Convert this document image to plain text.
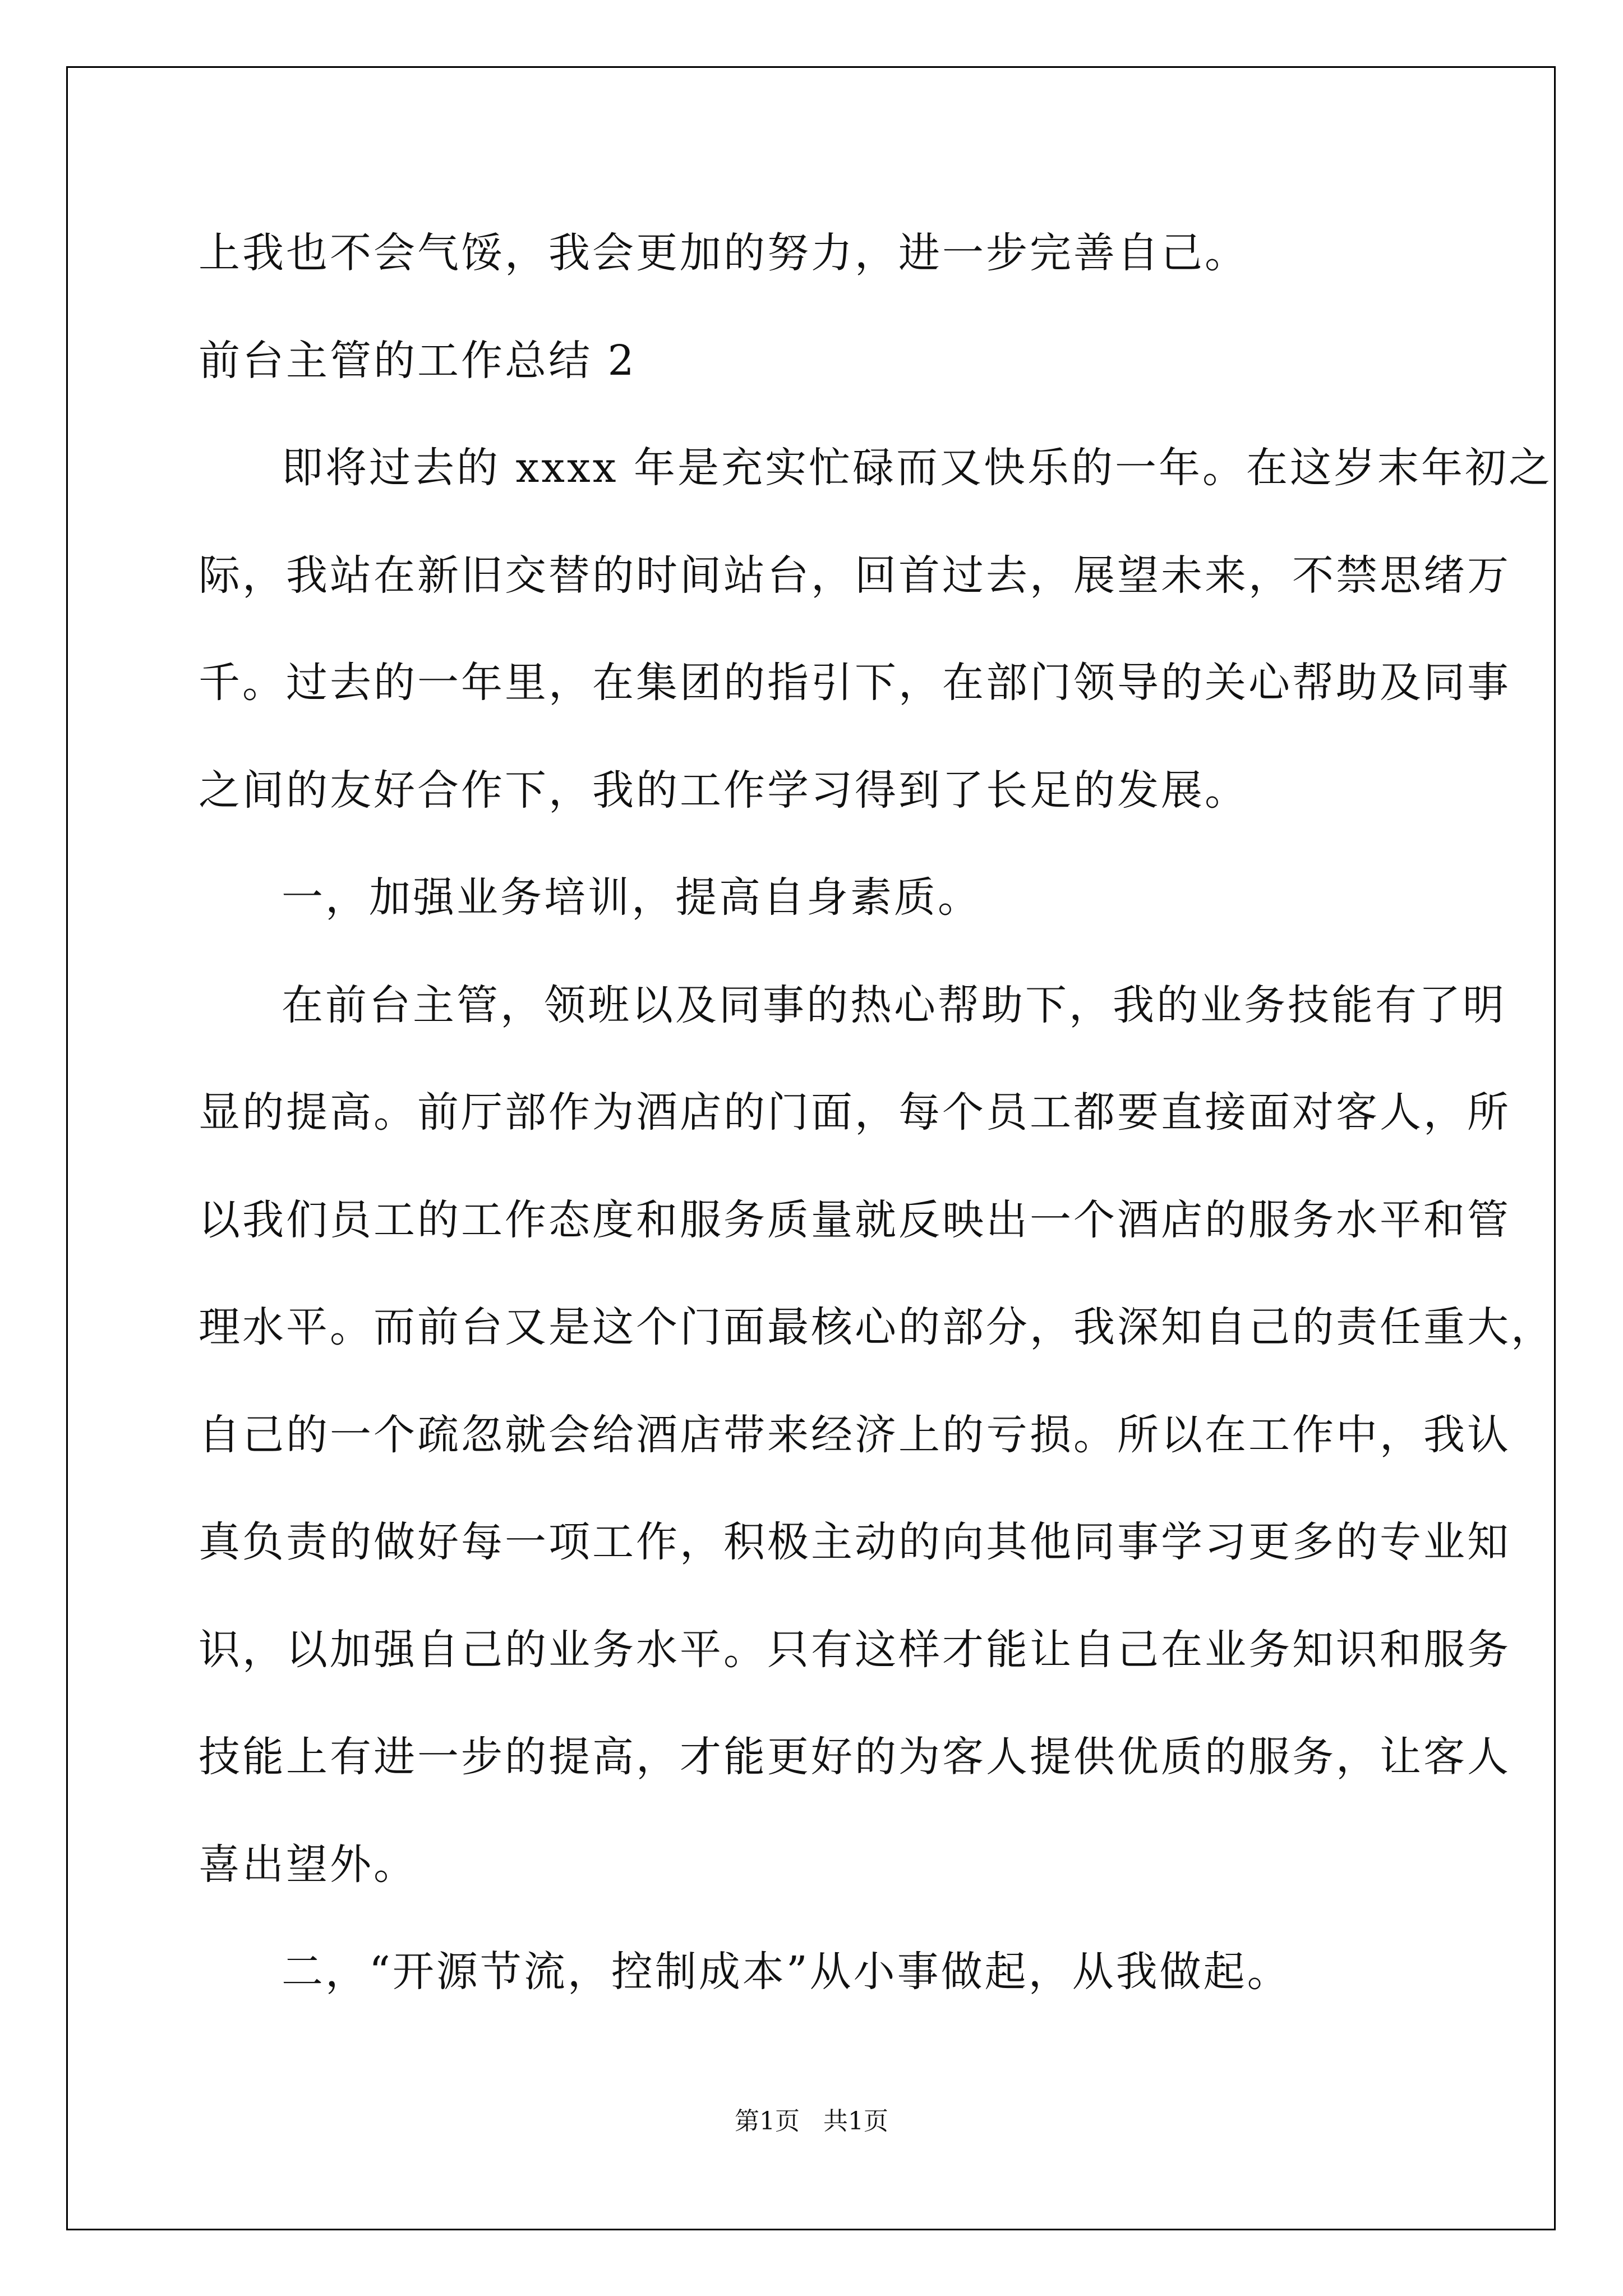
上我也不会气馁，我会更加的努力，进一步完善自己。
前台主管的工作总结 2
即将过去的 xxxx 年是充实忙碌而又快乐的一年。在这岁末年初之
际，我站在新旧交替的时间站台，回首过去，展望未来，不禁思绪万
千。过去的一年里，在集团的指引下，在部门领导的关心帮助及同事
之间的友好合作下，我的工作学习得到了长足的发展。
一，加强业务培训，提高自身素质。
在前台主管，领班以及同事的热心帮助下，我的业务技能有了明
显的提高。前厅部作为酒店的门面，每个员工都要直接面对客人，所
以我们员工的工作态度和服务质量就反映出一个酒店的服务水平和管
理水平。而前台又是这个门面最核心的部分，我深知自己的责任重大，
自己的一个疏忽就会给酒店带来经济上的亏损。所以在工作中，我认
真负责的做好每一项工作，积极主动的向其他同事学习更多的专业知
识，以加强自己的业务水平。只有这样才能让自己在业务知识和服务
技能上有进一步的提高，才能更好的为客人提供优质的服务，让客人
喜出望外。
二，“开源节流，控制成本”从小事做起，从我做起。
第1页   共1页
